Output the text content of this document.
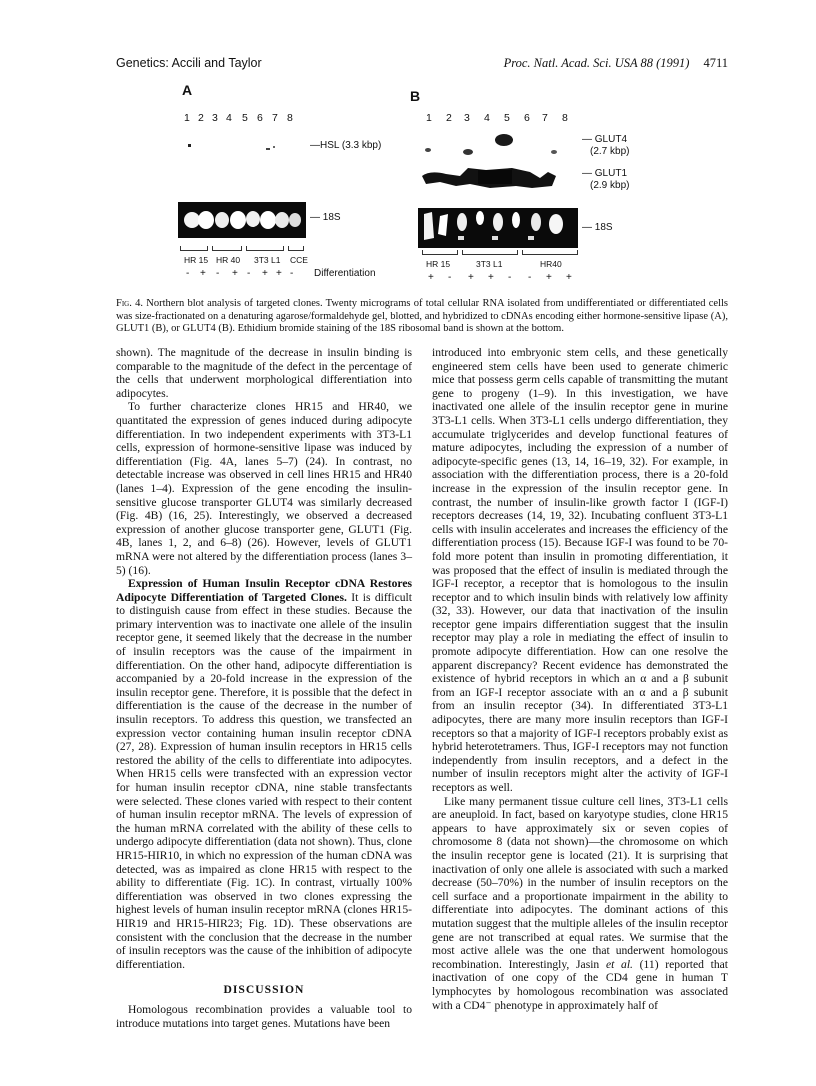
Genetics: Accili and Taylor	Proc. Natl. Acad. Sci. USA 88 (1991) 4711
A
1 2 3 4 5 6 7 8
—HSL (3.3 kbp)
— 18S
HR 15 HR 40 3T3 L1 CCE
- + - + - + + - Differentiation
B
1 2 3 4 5 6 7 8
— GLUT4
(2.7 kbp)
— GLUT1
(2.9 kbp)
— 18S
HR 15	3T3 L1	HR40
+ - + + - - + +
Fig. 4. Northern blot analysis of targeted clones. Twenty micrograms of total cellular RNA isolated from undifferentiated or differentiated cells was size-fractionated on a denaturing agarose/formaldehyde gel, blotted, and hybridized to cDNAs encoding either hormone-sensitive lipase (A), GLUT1 (B), or GLUT4 (B). Ethidium bromide staining of the 18S ribosomal band is shown at the bottom.

shown). The magnitude of the decrease in insulin binding is comparable to the magnitude of the defect in the percentage of the cells that underwent morphological differentiation into adipocytes.

To further characterize clones HR15 and HR40, we quantitated the expression of genes induced during adipocyte differentiation. In two independent experiments with 3T3-L1 cells, expression of hormone-sensitive lipase was induced by differentiation (Fig. 4A, lanes 5–7) (24). In contrast, no detectable increase was observed in cell lines HR15 and HR40 (lanes 1–4). Expression of the gene encoding the insulin-sensitive glucose transporter GLUT4 was similarly decreased (Fig. 4B) (16, 25). Interestingly, we observed a decreased expression of another glucose transporter gene, GLUT1 (Fig. 4B, lanes 1, 2, and 6–8) (26). However, levels of GLUT1 mRNA were not altered by the differentiation process (lanes 3–5) (16).

Expression of Human Insulin Receptor cDNA Restores Adipocyte Differentiation of Targeted Clones. It is difficult to distinguish cause from effect in these studies. Because the primary intervention was to inactivate one allele of the insulin receptor gene, it seemed likely that the decrease in the number of insulin receptors was the cause of the impairment in differentiation. On the other hand, adipocyte differentiation is accompanied by a 20-fold increase in the expression of the insulin receptor gene. Therefore, it is possible that the defect in differentiation is the cause of the decrease in the number of insulin receptors. To address this question, we transfected an expression vector containing human insulin receptor cDNA (27, 28). Expression of human insulin receptors in HR15 cells restored the ability of the cells to differentiate into adipocytes. When HR15 cells were transfected with an expression vector for human insulin receptor cDNA, nine stable transfectants were selected. These clones varied with respect to their content of human insulin receptor mRNA. The levels of expression of the human mRNA correlated with the ability of these cells to undergo adipocyte differentiation (data not shown). Thus, clone HR15-HIR10, in which no expression of the human cDNA was detected, was as impaired as clone HR15 with respect to the ability to differentiate (Fig. 1C). In contrast, virtually 100% differentiation was observed in two clones expressing the highest levels of human insulin receptor mRNA (clones HR15-HIR19 and HR15-HIR23; Fig. 1D). These observations are consistent with the conclusion that the decrease in the number of insulin receptors was the cause of the inhibition of adipocyte differentiation.

DISCUSSION

Homologous recombination provides a valuable tool to introduce mutations into target genes. Mutations have been

introduced into embryonic stem cells, and these genetically engineered stem cells have been used to generate chimeric mice that possess germ cells capable of transmitting the mutant gene to progeny (1–9). In this investigation, we have inactivated one allele of the insulin receptor gene in murine 3T3-L1 cells. When 3T3-L1 cells undergo differentiation, they accumulate triglycerides and develop functional features of mature adipocytes, including the expression of a number of adipocyte-specific genes (13, 14, 16–19, 32). For example, in association with the differentiation process, there is a 20-fold increase in the expression of the insulin receptor gene. In contrast, the number of insulin-like growth factor I (IGF-I) receptors decreases (14, 19, 32). Incubating confluent 3T3-L1 cells with insulin accelerates and increases the efficiency of the differentiation process (15). Because IGF-I was found to be 70-fold more potent than insulin in promoting differentiation, it was proposed that the effect of insulin is mediated through the IGF-I receptor, a receptor that is homologous to the insulin receptor and to which insulin binds with relatively low affinity (32, 33). However, our data that inactivation of the insulin receptor gene impairs differentiation suggest that the insulin receptor may play a role in mediating the effect of insulin to promote adipocyte differentiation. How can one resolve the apparent discrepancy? Recent evidence has demonstrated the existence of hybrid receptors in which an α and a β subunit from an IGF-I receptor associate with an α and a β subunit from an insulin receptor (34). In differentiated 3T3-L1 adipocytes, there are many more insulin receptors than IGF-I receptors so that a majority of IGF-I receptors probably exist as hybrid heterotetramers. Thus, IGF-I receptors may not function independently from insulin receptors, and a defect in the number of insulin receptors might alter the activity of IGF-I receptors as well.

Like many permanent tissue culture cell lines, 3T3-L1 cells are aneuploid. In fact, based on karyotype studies, clone HR15 appears to have approximately six or seven copies of chromosome 8 (data not shown)—the chromosome on which the insulin receptor gene is located (21). It is surprising that inactivation of only one allele is associated with such a marked decrease (50–70%) in the number of insulin receptors on the cell surface and a proportionate impairment in the ability to differentiate into adipocytes. The dominant actions of this mutation suggest that the multiple alleles of the insulin receptor gene are not transcribed at equal rates. We surmise that the most active allele was the one that underwent homologous recombination. Interestingly, Jasin et al. (11) reported that inactivation of one copy of the CD4 gene in human T lymphocytes by homologous recombination was associated with a CD4⁻ phenotype in approximately half of
